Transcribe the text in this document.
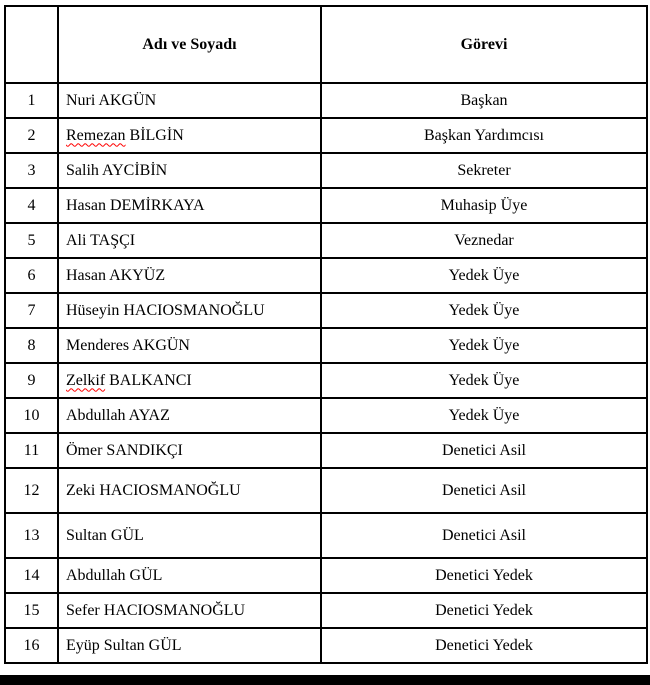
	Adı ve Soyadı	Görevi
1	Nuri AKGÜN	Başkan
2	Remezan BİLGİN	Başkan Yardımcısı
3	Salih AYCİBİN	Sekreter
4	Hasan DEMİRKAYA	Muhasip Üye
5	Ali TAŞÇI	Veznedar
6	Hasan AKYÜZ	Yedek Üye
7	Hüseyin HACIOSMANOĞLU	Yedek Üye
8	Menderes AKGÜN	Yedek Üye
9	Zelkif BALKANCI	Yedek Üye
10	Abdullah AYAZ	Yedek Üye
11	Ömer SANDIKÇI	Denetici Asil
12	Zeki HACIOSMANOĞLU	Denetici Asil
13	Sultan GÜL	Denetici Asil
14	Abdullah GÜL	Denetici Yedek
15	Sefer HACIOSMANOĞLU	Denetici Yedek
16	Eyüp Sultan GÜL	Denetici Yedek
